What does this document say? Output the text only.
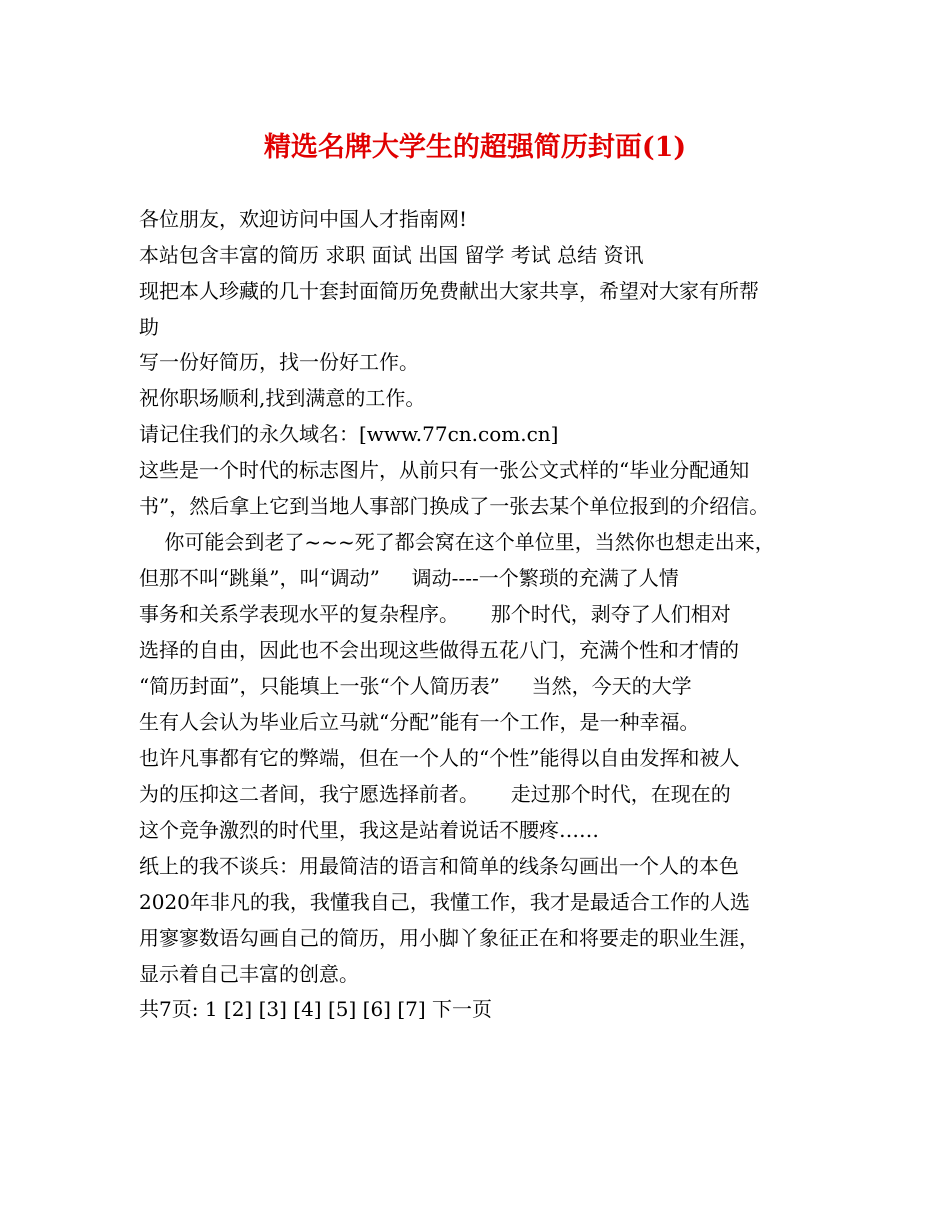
精选名牌大学生的超强简历封面(1)

各位朋友，欢迎访问中国人才指南网!

本站包含丰富的简历 求职 面试 出国 留学 考试 总结 资讯

现把本人珍藏的几十套封面简历免费献出大家共享，希望对大家有所帮

助

写一份好简历，找一份好工作。

祝你职场顺利,找到满意的工作。

请记住我们的永久域名：[www.77cn.com.cn]

这些是一个时代的标志图片，从前只有一张公文式样的“毕业分配通知

书”，然后拿上它到当地人事部门换成了一张去某个单位报到的介绍信。

你可能会到老了~~~死了都会窝在这个单位里，当然你也想走出来，

但那不叫“跳巢”，叫“调动”     调动----一个繁琐的充满了人情

事务和关系学表现水平的复杂程序。     那个时代，剥夺了人们相对

选择的自由，因此也不会出现这些做得五花八门，充满个性和才情的

“简历封面”，只能填上一张“个人简历表”     当然，今天的大学

生有人会认为毕业后立马就“分配”能有一个工作，是一种幸福。

也许凡事都有它的弊端，但在一个人的“个性”能得以自由发挥和被人

为的压抑这二者间，我宁愿选择前者。     走过那个时代，在现在的

这个竞争激烈的时代里，我这是站着说话不腰疼……

纸上的我不谈兵：用最简洁的语言和简单的线条勾画出一个人的本色

2020年非凡的我，我懂我自己，我懂工作，我才是最适合工作的人选

用寥寥数语勾画自己的简历，用小脚丫象征正在和将要走的职业生涯，

显示着自己丰富的创意。

共7页: 1 [2] [3] [4] [5] [6] [7] 下一页
